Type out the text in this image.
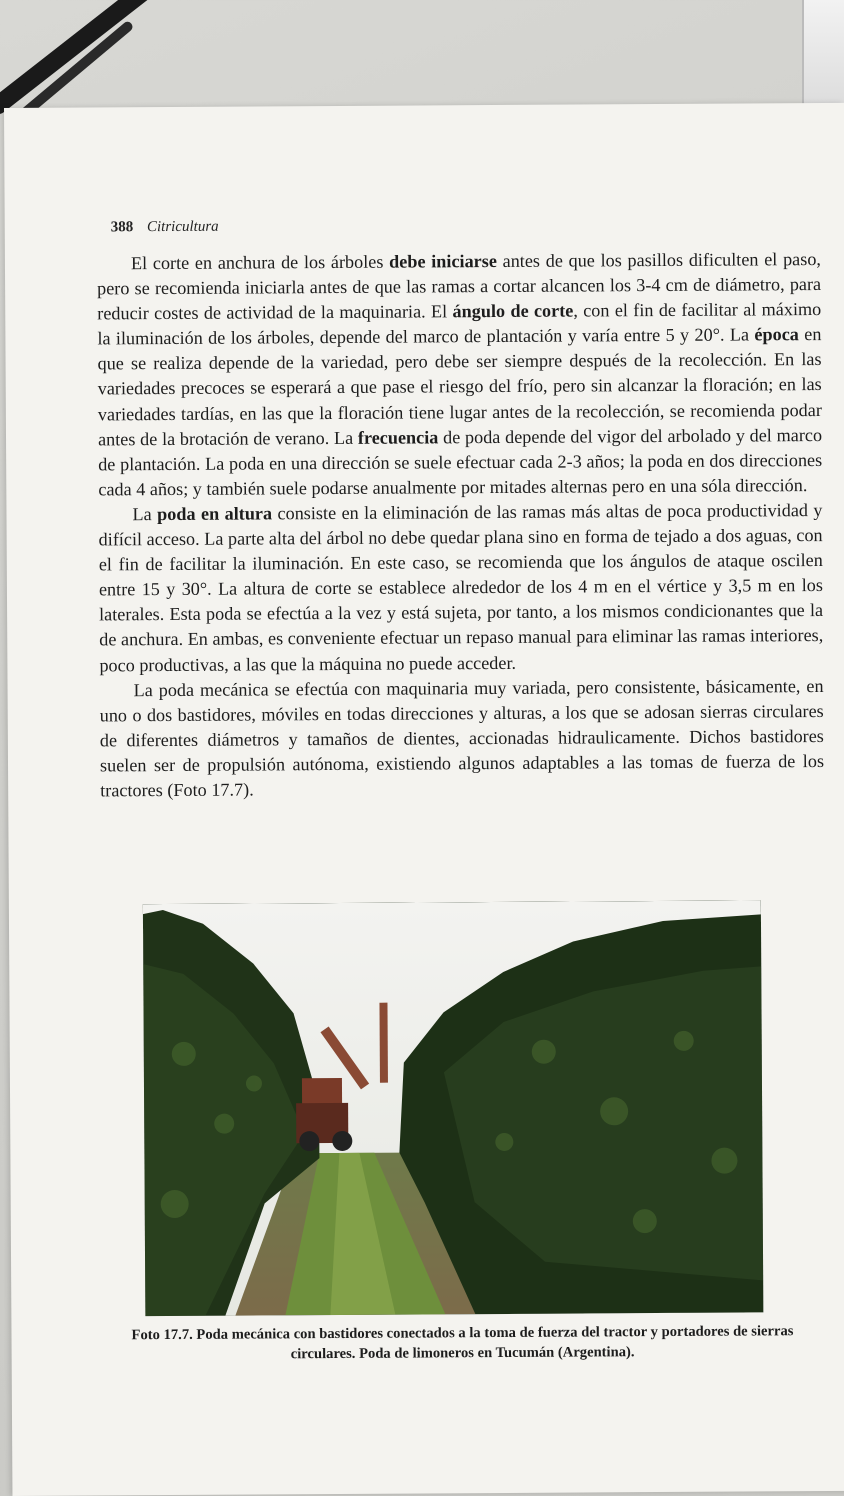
388 Citricultura

El corte en anchura de los árboles debe iniciarse antes de que los pasillos dificulten el paso, pero se recomienda iniciarla antes de que las ramas a cortar alcancen los 3-4 cm de diámetro, para reducir costes de actividad de la maquinaria. El ángulo de corte, con el fin de facilitar al máximo la iluminación de los árboles, depende del marco de plantación y varía entre 5 y 20°. La época en que se realiza depende de la variedad, pero debe ser siempre después de la recolección. En las variedades precoces se esperará a que pase el riesgo del frío, pero sin alcanzar la floración; en las variedades tardías, en las que la floración tiene lugar antes de la recolección, se recomienda podar antes de la brotación de verano. La frecuencia de poda depende del vigor del arbolado y del marco de plantación. La poda en una dirección se suele efectuar cada 2-3 años; la poda en dos direcciones cada 4 años; y también suele podarse anualmente por mitades alternas pero en una sóla dirección.

La poda en altura consiste en la eliminación de las ramas más altas de poca productividad y difícil acceso. La parte alta del árbol no debe quedar plana sino en forma de tejado a dos aguas, con el fin de facilitar la iluminación. En este caso, se recomienda que los ángulos de ataque oscilen entre 15 y 30°. La altura de corte se establece alrededor de los 4 m en el vértice y 3,5 m en los laterales. Esta poda se efectúa a la vez y está sujeta, por tanto, a los mismos condicionantes que la de anchura. En ambas, es conveniente efectuar un repaso manual para eliminar las ramas interiores, poco productivas, a las que la máquina no puede acceder.

La poda mecánica se efectúa con maquinaria muy variada, pero consistente, básicamente, en uno o dos bastidores, móviles en todas direcciones y alturas, a los que se adosan sierras circulares de diferentes diámetros y tamaños de dientes, accionadas hidraulicamente. Dichos bastidores suelen ser de propulsión autónoma, existiendo algunos adaptables a las tomas de fuerza de los tractores (Foto 17.7).

Foto 17.7. Poda mecánica con bastidores conectados a la toma de fuerza del tractor y portadores de sierras circulares. Poda de limoneros en Tucumán (Argentina).
